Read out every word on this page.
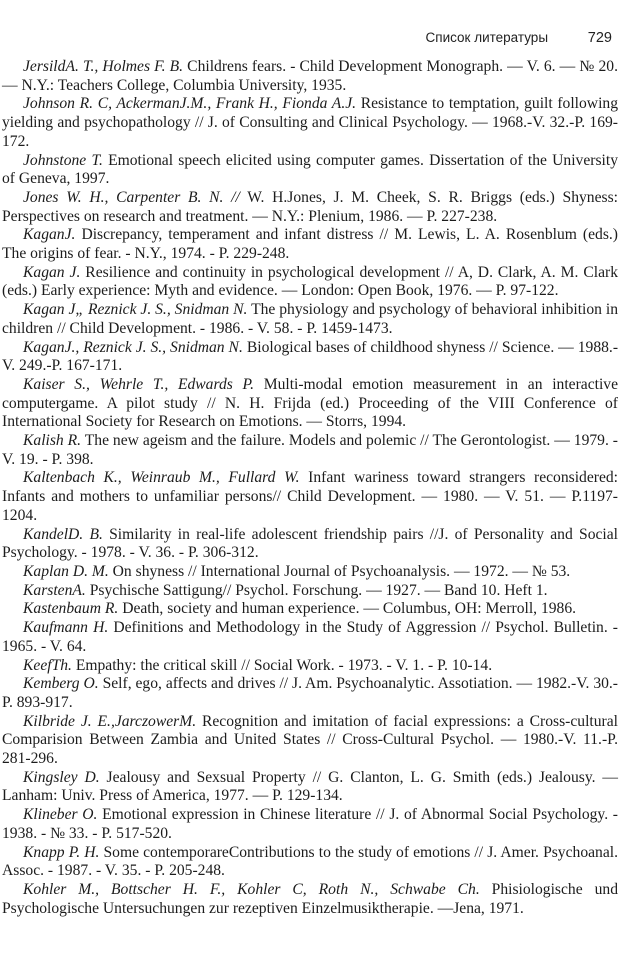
Список литературы	729

JersildA. T., Holmes F. B. Childrens fears. - Child Development Monograph. — V. 6. — № 20. — N.Y.: Teachers College, Columbia University, 1935.

Johnson R. C, AckermanJ.M., Frank H., Fionda A.J. Resistance to temptation, guilt following yielding and psychopathology // J. of Consulting and Clinical Psychology. — 1968.-V. 32.-P. 169-172.

Johnstone T. Emotional speech elicited using computer games. Dissertation of the University of Geneva, 1997.

Jones W. H., Carpenter B. N. // W. H.Jones, J. M. Cheek, S. R. Briggs (eds.) Shyness: Perspectives on research and treatment. — N.Y.: Plenium, 1986. — P. 227-238.

KaganJ. Discrepancy, temperament and infant distress // M. Lewis, L. A. Rosenblum (eds.) The origins of fear. - N.Y., 1974. - P. 229-248.

Kagan J. Resilience and continuity in psychological development // A, D. Clark, A. M. Clark (eds.) Early experience: Myth and evidence. — London: Open Book, 1976. — P. 97-122.

Kagan J„ Reznick J. S., Snidman N. The physiology and psychology of behavioral inhibition in children // Child Development. - 1986. - V. 58. - P. 1459-1473.

KaganJ., Reznick J. S., Snidman N. Biological bases of childhood shyness // Science. — 1988.-V. 249.-P. 167-171.

Kaiser S., Wehrle T., Edwards P. Multi-modal emotion measurement in an interactive computergame. A pilot study // N. H. Frijda (ed.) Proceeding of the VIII Conference of International Society for Research on Emotions. — Storrs, 1994.

Kalish R. The new ageism and the failure. Models and polemic // The Gerontologist. — 1979. - V. 19. - P. 398.

Kaltenbach K., Weinraub M., Fullard W. Infant wariness toward strangers reconsidered: Infants and mothers to unfamiliar persons// Child Development. — 1980. — V. 51. — P.1197-1204.

KandelD. B. Similarity in real-life adolescent friendship pairs //J. of Personality and Social Psychology. - 1978. - V. 36. - P. 306-312.

Kaplan D. M. On shyness // International Journal of Psychoanalysis. — 1972. — № 53.

KarstenA. Psychische Sattigung// Psychol. Forschung. — 1927. — Band 10. Heft 1.

Kastenbaum R. Death, society and human experience. — Columbus, OH: Merroll, 1986.

Kaufmann H. Definitions and Methodology in the Study of Aggression // Psychol. Bulletin. - 1965. - V. 64.

KeefTh. Empathy: the critical skill // Social Work. - 1973. - V. 1. - P. 10-14.

Kemberg O. Self, ego, affects and drives // J. Am. Psychoanalytic. Assotiation. — 1982.-V. 30.-P. 893-917.

Kilbride J. E.,JarczowerM. Recognition and imitation of facial expressions: a Cross-cultural Comparision Between Zambia and United States // Cross-Cultural Psychol. — 1980.-V. 11.-P. 281-296.

Kingsley D. Jealousy and Sexsual Property // G. Clanton, L. G. Smith (eds.) Jealousy. — Lanham: Univ. Press of America, 1977. — P. 129-134.

Klineber O. Emotional expression in Chinese literature // J. of Abnormal Social Psychology. - 1938. - № 33. - P. 517-520.

Knapp P. H. Some contemporareContributions to the study of emotions // J. Amer. Psychoanal. Assoc. - 1987. - V. 35. - P. 205-248.

Kohler M., Bottscher H. F., Kohler C, Roth N., Schwabe Ch. Phisiologische und Psychologische Untersuchungen zur rezeptiven Einzelmusiktherapie. —Jena, 1971.
